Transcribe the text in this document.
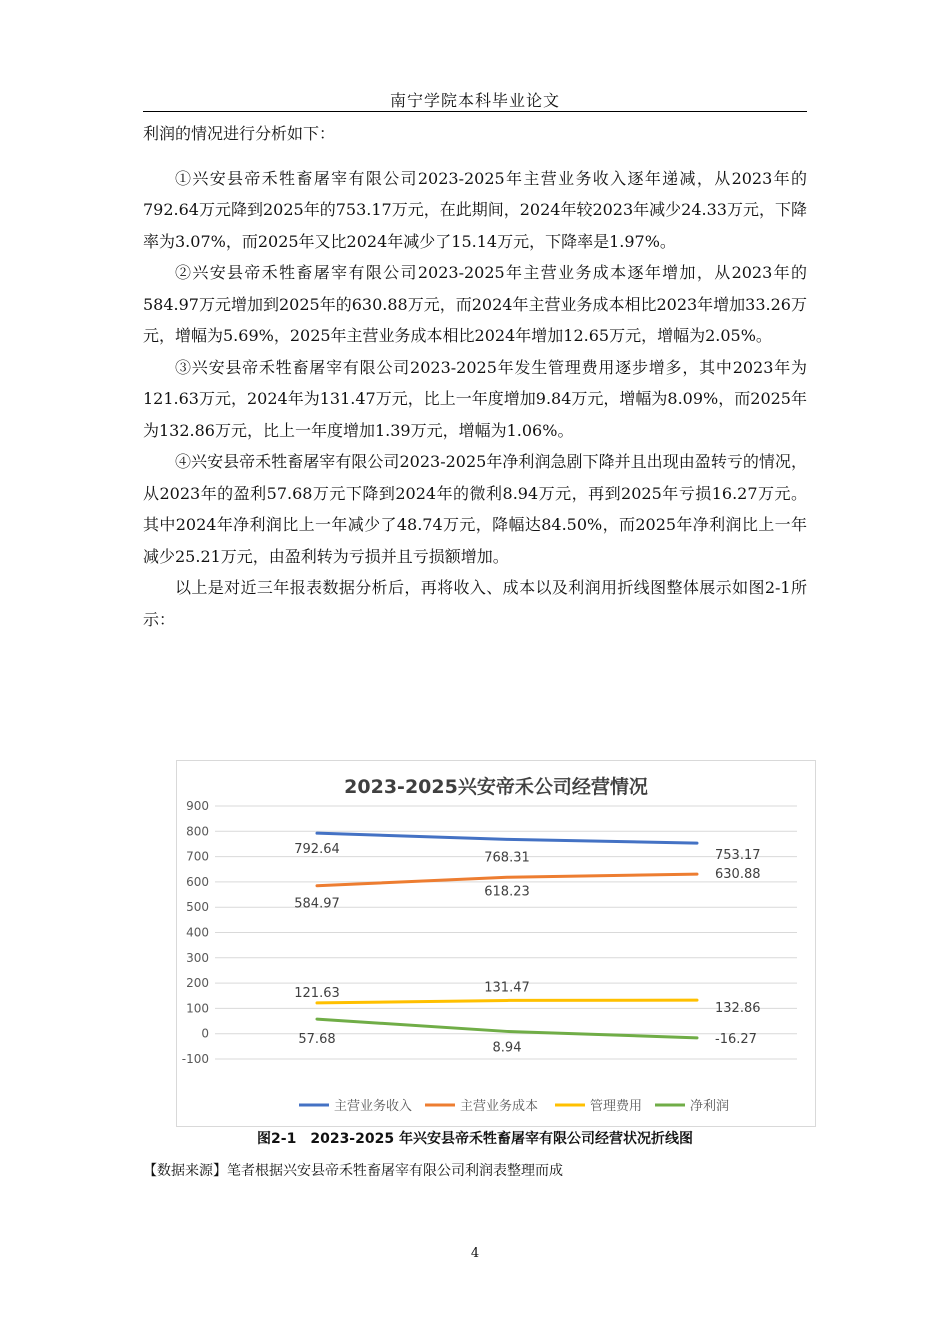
南宁学院本科毕业论文

利润的情况进行分析如下：

①兴安县帝禾牲畜屠宰有限公司2023-2025年主营业务收入逐年递减，从2023年的792.64万元降到2025年的753.17万元，在此期间，2024年较2023年减少24.33万元，下降率为3.07%，而2025年又比2024年减少了15.14万元，下降率是1.97%。

②兴安县帝禾牲畜屠宰有限公司2023-2025年主营业务成本逐年增加，从2023年的584.97万元增加到2025年的630.88万元，而2024年主营业务成本相比2023年增加33.26万元，增幅为5.69%，2025年主营业务成本相比2024年增加12.65万元，增幅为2.05%。

③兴安县帝禾牲畜屠宰有限公司2023-2025年发生管理费用逐步增多，其中2023年为121.63万元，2024年为131.47万元，比上一年度增加9.84万元，增幅为8.09%，而2025年为132.86万元，比上一年度增加1.39万元，增幅为1.06%。

④兴安县帝禾牲畜屠宰有限公司2023-2025年净利润急剧下降并且出现由盈转亏的情况，从2023年的盈利57.68万元下降到2024年的微利8.94万元，再到2025年亏损16.27万元。其中2024年净利润比上一年减少了48.74万元，降幅达84.50%，而2025年净利润比上一年减少25.21万元，由盈利转为亏损并且亏损额增加。

以上是对近三年报表数据分析后，再将收入、成本以及利润用折线图整体展示如图2-1所示：

2023-2025兴安帝禾公司经营情况
-100
0
100
200
300
400
500
600
700
800
900
792.64
768.31	753.17
584.97
618.23
630.88
121.63	131.47
132.86
57.68
8.94
-16.27
主营业务收入	主营业务成本	管理费用	净利润
图2-1　2023-2025 年兴安县帝禾牲畜屠宰有限公司经营状况折线图
【数据来源】笔者根据兴安县帝禾牲畜屠宰有限公司利润表整理而成
4
